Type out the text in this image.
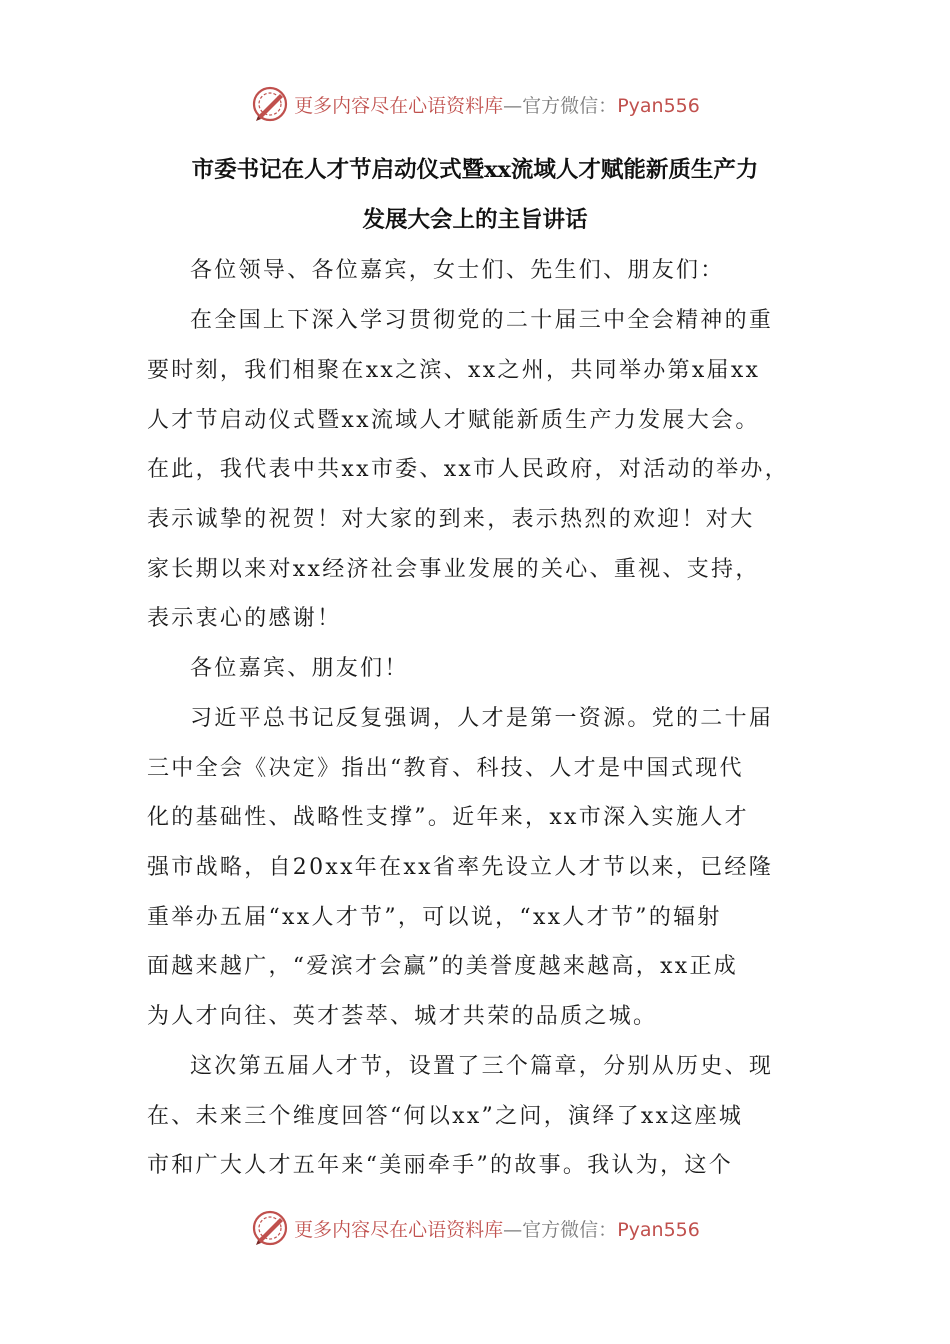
更多内容尽在心语资料库—官方微信：Pyan556
市委书记在人才节启动仪式暨xx流域人才赋能新质生产力
发展大会上的主旨讲话
各位领导、各位嘉宾，女士们、先生们、朋友们：
在全国上下深入学习贯彻党的二十届三中全会精神的重
要时刻，我们相聚在xx之滨、xx之州，共同举办第x届xx
人才节启动仪式暨xx流域人才赋能新质生产力发展大会。
在此，我代表中共xx市委、xx市人民政府，对活动的举办，
表示诚挚的祝贺！对大家的到来，表示热烈的欢迎！对大
家长期以来对xx经济社会事业发展的关心、重视、支持，
表示衷心的感谢！
各位嘉宾、朋友们！
习近平总书记反复强调，人才是第一资源。党的二十届
三中全会《决定》指出“教育、科技、人才是中国式现代
化的基础性、战略性支撑”。近年来，xx市深入实施人才
强市战略，自20xx年在xx省率先设立人才节以来，已经隆
重举办五届“xx人才节”，可以说，“xx人才节”的辐射
面越来越广，“爱滨才会赢”的美誉度越来越高，xx正成
为人才向往、英才荟萃、城才共荣的品质之城。
这次第五届人才节，设置了三个篇章，分别从历史、现
在、未来三个维度回答“何以xx”之问，演绎了xx这座城
市和广大人才五年来“美丽牵手”的故事。我认为，这个
更多内容尽在心语资料库—官方微信：Pyan556
